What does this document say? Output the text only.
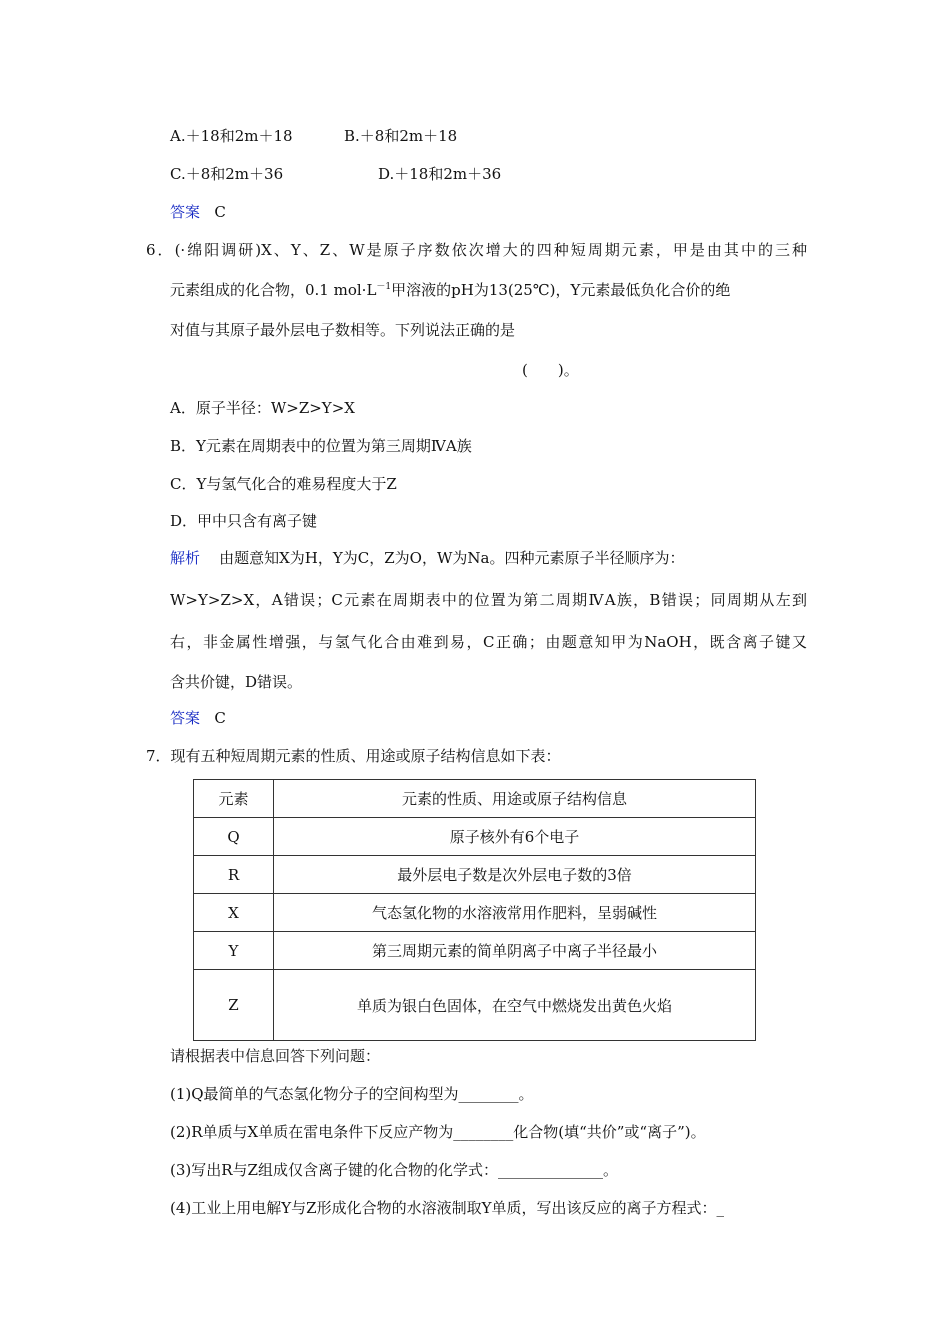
A.＋18和2m＋18	B.＋8和2m＋18
C.＋8和2m＋36	D.＋18和2m＋36
答案 C
6．(·绵阳调研)X、Y、Z、W是原子序数依次增大的四种短周期元素，甲是由其中的三种
元素组成的化合物，0.1 $mol\cdot L^{-1}$甲溶液的pH为13(25℃)，Y元素最低负化合价的绝
对值与其原子最外层电子数相等。下列说法正确的是
(　　)。
A．原子半径：W>Z>Y>X
B．Y元素在周期表中的位置为第三周期ⅣA族
C．Y与氢气化合的难易程度大于Z
D．甲中只含有离子键
解析 由题意知X为H，Y为C，Z为O，W为Na。四种元素原子半径顺序为：
W>Y>Z>X，A错误；C元素在周期表中的位置为第二周期ⅣA族，B错误；同周期从左到
右，非金属性增强，与氢气化合由难到易，C正确；由题意知甲为NaOH，既含离子键又
含共价键，D错误。
答案 C
7．现有五种短周期元素的性质、用途或原子结构信息如下表：
元素	元素的性质、用途或原子结构信息
Q	原子核外有6个电子
R	最外层电子数是次外层电子数的3倍
X	气态氢化物的水溶液常用作肥料，呈弱碱性
Y	第三周期元素的简单阴离子中离子半径最小
Z	单质为银白色固体，在空气中燃烧发出黄色火焰
请根据表中信息回答下列问题：
(1)Q最简单的气态氢化物分子的空间构型为________。
(2)R单质与X单质在雷电条件下反应产物为________化合物(填“共价”或“离子”)。
(3)写出R与Z组成仅含离子键的化合物的化学式：______________。
(4)工业上用电解Y与Z形成化合物的水溶液制取Y单质，写出该反应的离子方程式：_
